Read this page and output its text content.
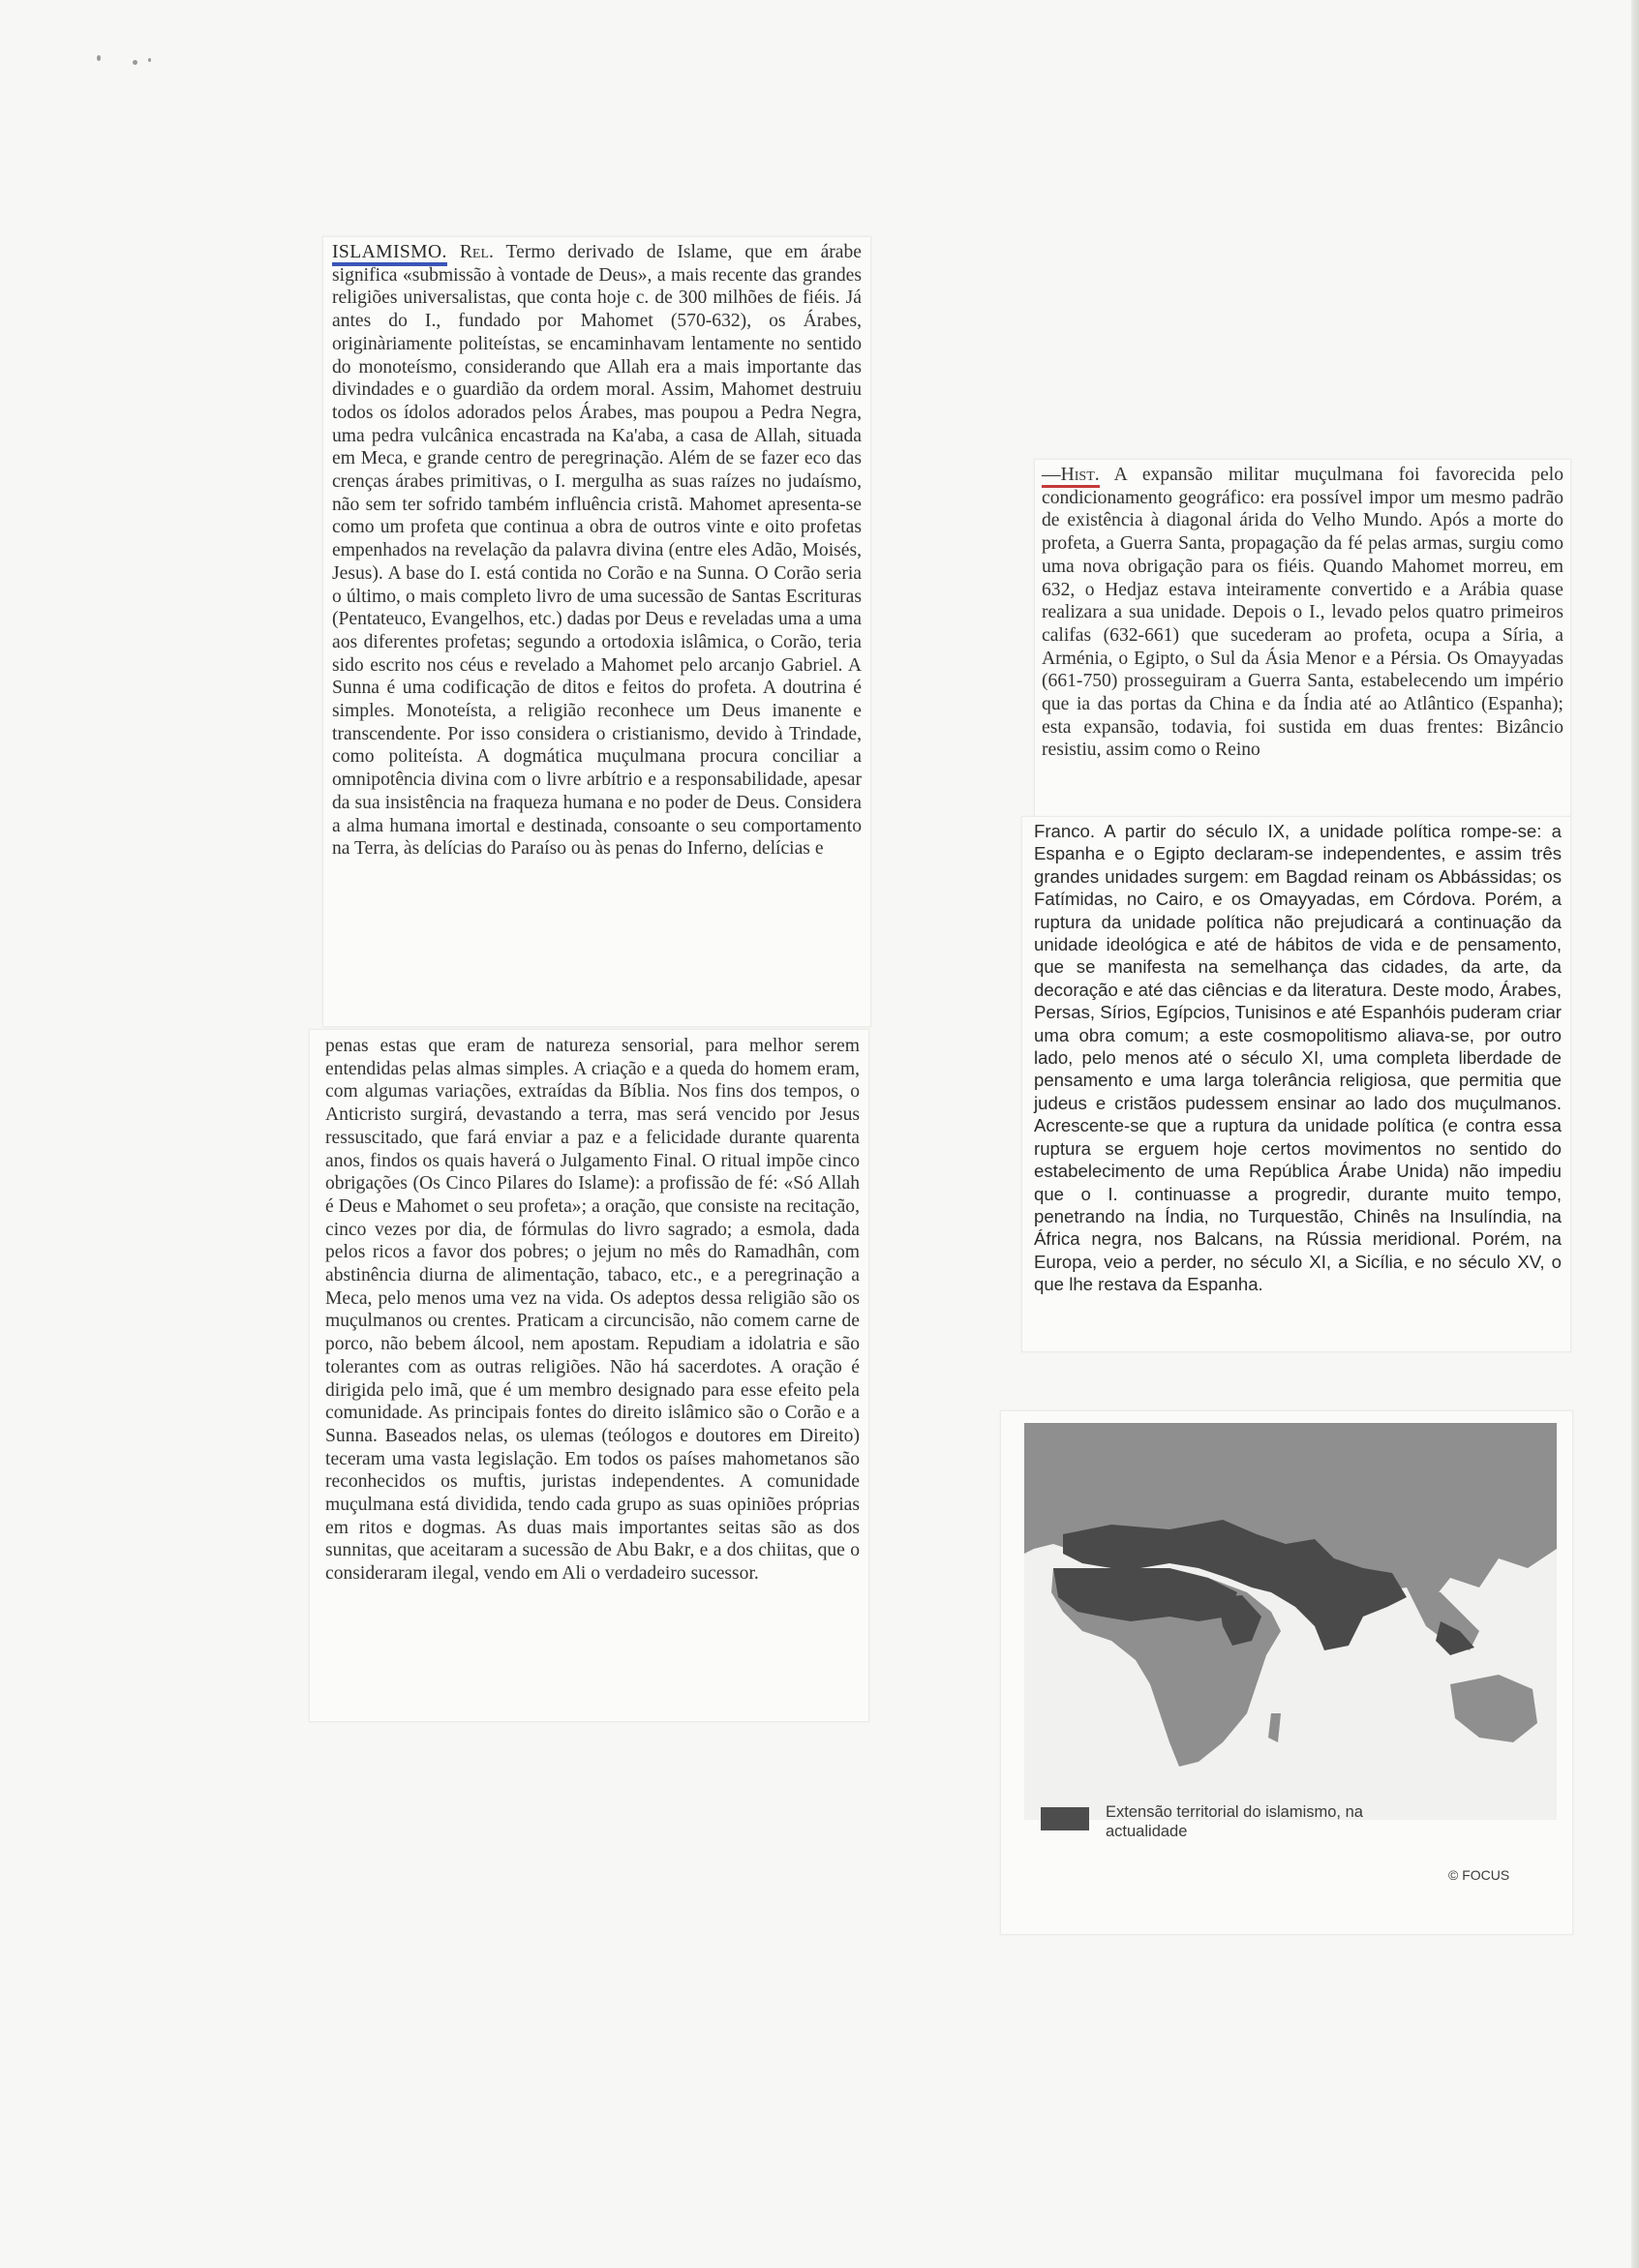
ISLAMISMO. Rel. Termo derivado de Islame, que em árabe significa «submissão à vontade de Deus», a mais recente das grandes religiões universalistas, que conta hoje c. de 300 milhões de fiéis. Já antes do I., fundado por Mahomet (570-632), os Árabes, originàriamente politeístas, se encaminhavam lentamente no sentido do monoteísmo, considerando que Allah era a mais importante das divindades e o guardião da ordem moral. Assim, Mahomet destruiu todos os ídolos adorados pelos Árabes, mas poupou a Pedra Negra, uma pedra vulcânica encastrada na Ka'aba, a casa de Allah, situada em Meca, e grande centro de peregrinação. Além de se fazer eco das crenças árabes primitivas, o I. mergulha as suas raízes no judaísmo, não sem ter sofrido também influência cristã. Mahomet apresenta-se como um profeta que continua a obra de outros vinte e oito profetas empenhados na revelação da palavra divina (entre eles Adão, Moisés, Jesus). A base do I. está contida no Corão e na Sunna. O Corão seria o último, o mais completo livro de uma sucessão de Santas Escrituras (Pentateuco, Evangelhos, etc.) dadas por Deus e reveladas uma a uma aos diferentes profetas; segundo a ortodoxia islâmica, o Corão, teria sido escrito nos céus e revelado a Mahomet pelo arcanjo Gabriel. A Sunna é uma codificação de ditos e feitos do profeta. A doutrina é simples. Monoteísta, a religião reconhece um Deus imanente e transcendente. Por isso considera o cristianismo, devido à Trindade, como politeísta. A dogmática muçulmana procura conciliar a omnipotência divina com o livre arbítrio e a responsabilidade, apesar da sua insistência na fraqueza humana e no poder de Deus. Considera a alma humana imortal e destinada, consoante o seu comportamento na Terra, às delícias do Paraíso ou às penas do Inferno, delícias e

penas estas que eram de natureza sensorial, para melhor serem entendidas pelas almas simples. A criação e a queda do homem eram, com algumas variações, extraídas da Bíblia. Nos fins dos tempos, o Anticristo surgirá, devastando a terra, mas será vencido por Jesus ressuscitado, que fará enviar a paz e a felicidade durante quarenta anos, findos os quais haverá o Julgamento Final. O ritual impõe cinco obrigações (Os Cinco Pilares do Islame): a profissão de fé: «Só Allah é Deus e Mahomet o seu profeta»; a oração, que consiste na recitação, cinco vezes por dia, de fórmulas do livro sagrado; a esmola, dada pelos ricos a favor dos pobres; o jejum no mês do Ramadhân, com abstinência diurna de alimentação, tabaco, etc., e a peregrinação a Meca, pelo menos uma vez na vida. Os adeptos dessa religião são os muçulmanos ou crentes. Praticam a circuncisão, não comem carne de porco, não bebem álcool, nem apostam. Repudiam a idolatria e são tolerantes com as outras religiões. Não há sacerdotes. A oração é dirigida pelo imã, que é um membro designado para esse efeito pela comunidade. As principais fontes do direito islâmico são o Corão e a Sunna. Baseados nelas, os ulemas (teólogos e doutores em Direito) teceram uma vasta legislação. Em todos os países mahometanos são reconhecidos os muftis, juristas independentes. A comunidade muçulmana está dividida, tendo cada grupo as suas opiniões próprias em ritos e dogmas. As duas mais importantes seitas são as dos sunnitas, que aceitaram a sucessão de Abu Bakr, e a dos chiitas, que o consideraram ilegal, vendo em Ali o verdadeiro sucessor.

—Hist. A expansão militar muçulmana foi favorecida pelo condicionamento geográfico: era possível impor um mesmo padrão de existência à diagonal árida do Velho Mundo. Após a morte do profeta, a Guerra Santa, propagação da fé pelas armas, surgiu como uma nova obrigação para os fiéis. Quando Mahomet morreu, em 632, o Hedjaz estava inteiramente convertido e a Arábia quase realizara a sua unidade. Depois o I., levado pelos quatro primeiros califas (632-661) que sucederam ao profeta, ocupa a Síria, a Arménia, o Egipto, o Sul da Ásia Menor e a Pérsia. Os Omayyadas (661-750) prosseguiram a Guerra Santa, estabelecendo um império que ia das portas da China e da Índia até ao Atlântico (Espanha); esta expansão, todavia, foi sustida em duas frentes: Bizâncio resistiu, assim como o Reino

Franco. A partir do século IX, a unidade política rompe-se: a Espanha e o Egipto declaram-se independentes, e assim três grandes unidades surgem: em Bagdad reinam os Abbássidas; os Fatímidas, no Cairo, e os Omayyadas, em Córdova. Porém, a ruptura da unidade política não prejudicará a continuação da unidade ideológica e até de hábitos de vida e de pensamento, que se manifesta na semelhança das cidades, da arte, da decoração e até das ciências e da literatura. Deste modo, Árabes, Persas, Sírios, Egípcios, Tunisinos e até Espanhóis puderam criar uma obra comum; a este cosmopolitismo aliava-se, por outro lado, pelo menos até o século XI, uma completa liberdade de pensamento e uma larga tolerância religiosa, que permitia que judeus e cristãos pudessem ensinar ao lado dos muçulmanos. Acrescente-se que a ruptura da unidade política (e contra essa ruptura se erguem hoje certos movimentos no sentido do estabelecimento de uma República Árabe Unida) não impediu que o I. continuasse a progredir, durante muito tempo, penetrando na Índia, no Turquestão, Chinês na Insulíndia, na África negra, nos Balcans, na Rússia meridional. Porém, na Europa, veio a perder, no século XI, a Sicília, e no século XV, o que lhe restava da Espanha.

Extensão territorial do islamismo, na actualidade
© FOCUS
